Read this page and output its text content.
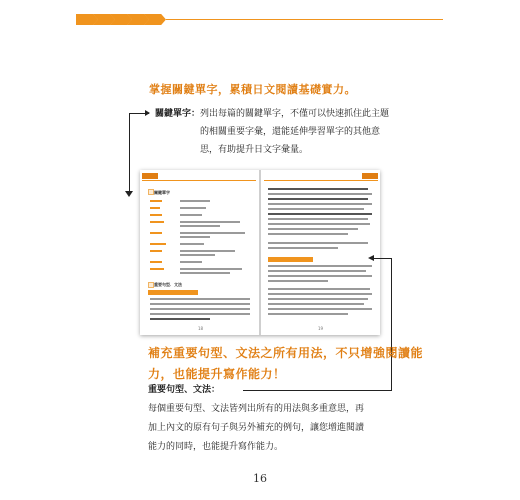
掌握關鍵單字，累積日文閱讀基礎實力。
關鍵單字：列出每篇的關鍵單字，不僅可以快速抓住此主題
的相關重要字彙，還能延伸學習單字的其他意
思，有助提升日文字彙量。
關鍵單字
重要句型．文法
18	19
補充重要句型、文法之所有用法，不只增強閱讀能
力，也能提升寫作能力！
重要句型、文法：
每個重要句型、文法皆列出所有的用法與多重意思，再
加上內文的原有句子與另外補充的例句，讓您增進閱讀
能力的同時，也能提升寫作能力。
16
